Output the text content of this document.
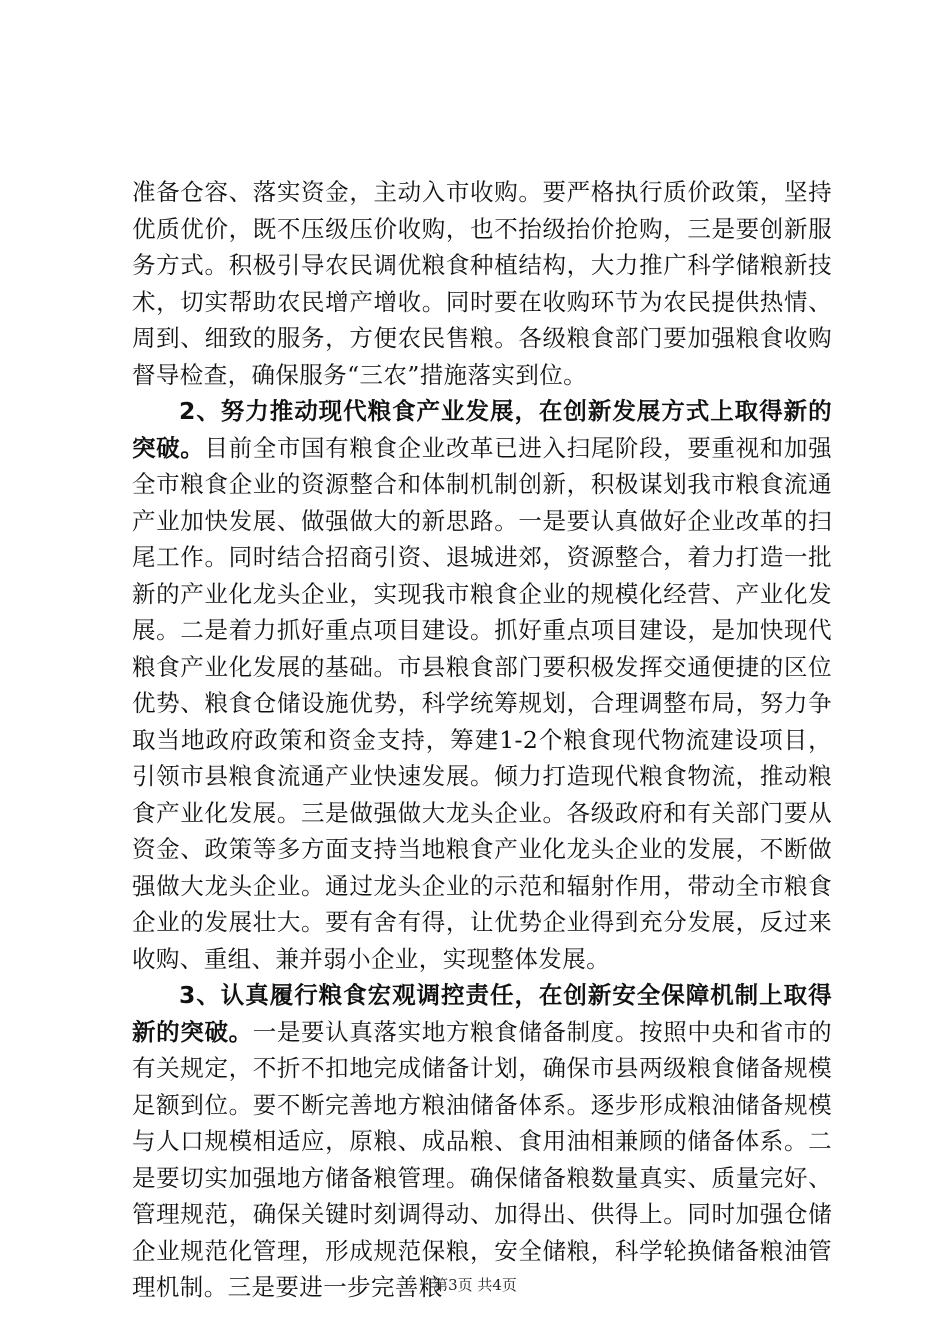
准备仓容、落实资金，主动入市收购。要严格执行质价政策，坚持优质优价，既不压级压价收购，也不抬级抬价抢购，三是要创新服务方式。积极引导农民调优粮食种植结构，大力推广科学储粮新技术，切实帮助农民增产增收。同时要在收购环节为农民提供热情、周到、细致的服务，方便农民售粮。各级粮食部门要加强粮食收购督导检查，确保服务“三农”措施落实到位。

2、努力推动现代粮食产业发展，在创新发展方式上取得新的突破。目前全市国有粮食企业改革已进入扫尾阶段，要重视和加强全市粮食企业的资源整合和体制机制创新，积极谋划我市粮食流通产业加快发展、做强做大的新思路。一是要认真做好企业改革的扫尾工作。同时结合招商引资、退城进郊，资源整合，着力打造一批新的产业化龙头企业，实现我市粮食企业的规模化经营、产业化发展。二是着力抓好重点项目建设。抓好重点项目建设，是加快现代粮食产业化发展的基础。市县粮食部门要积极发挥交通便捷的区位优势、粮食仓储设施优势，科学统筹规划，合理调整布局，努力争取当地政府政策和资金支持，筹建1-2个粮食现代物流建设项目，引领市县粮食流通产业快速发展。倾力打造现代粮食物流，推动粮食产业化发展。三是做强做大龙头企业。各级政府和有关部门要从资金、政策等多方面支持当地粮食产业化龙头企业的发展，不断做强做大龙头企业。通过龙头企业的示范和辐射作用，带动全市粮食企业的发展壮大。要有舍有得，让优势企业得到充分发展，反过来收购、重组、兼并弱小企业，实现整体发展。

3、认真履行粮食宏观调控责任，在创新安全保障机制上取得新的突破。一是要认真落实地方粮食储备制度。按照中央和省市的有关规定，不折不扣地完成储备计划，确保市县两级粮食储备规模足额到位。要不断完善地方粮油储备体系。逐步形成粮油储备规模与人口规模相适应，原粮、成品粮、食用油相兼顾的储备体系。二是要切实加强地方储备粮管理。确保储备粮数量真实、质量完好、管理规范，确保关键时刻调得动、加得出、供得上。同时加强仓储企业规范化管理，形成规范保粮，安全储粮，科学轮换储备粮油管理机制。三是要进一步完善粮

第3页 共4页
